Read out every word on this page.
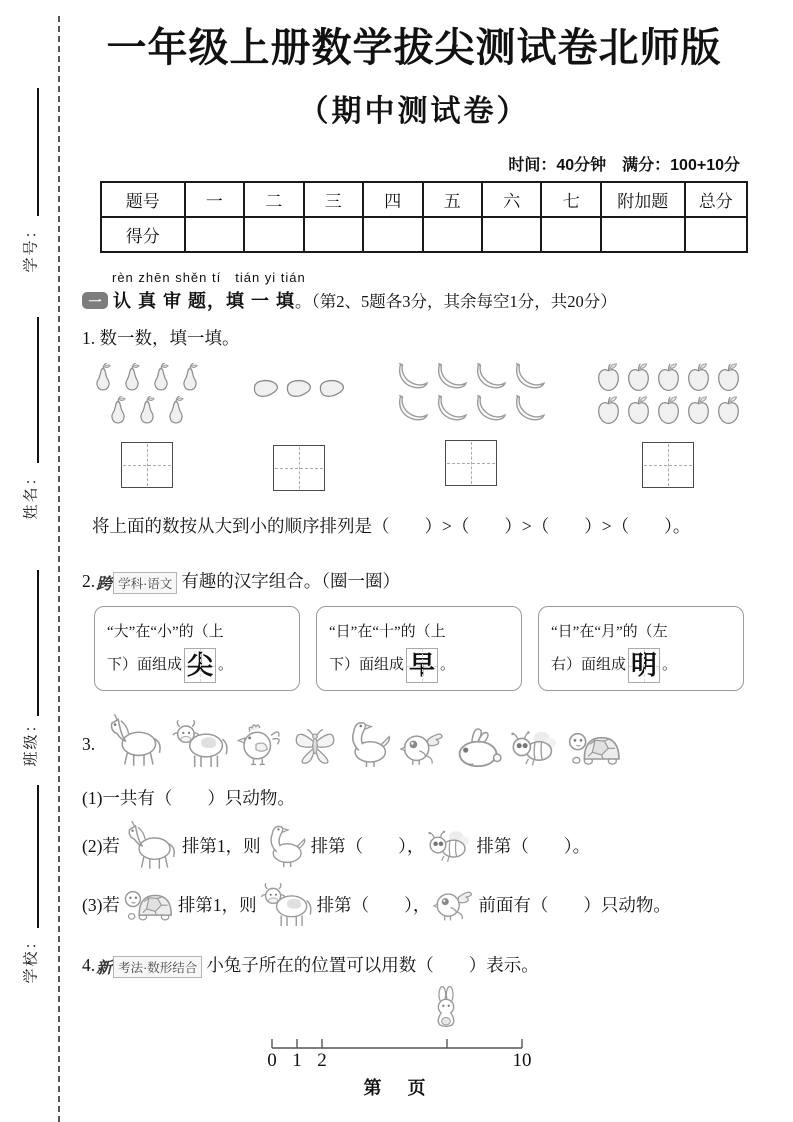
学号：
姓名：
班级：
学校：
一年级上册数学拔尖测试卷北师版
（期中测试卷）
时间：40分钟　满分：100+10分
题号	一	二	三	四	五	六	七	附加题	总分
得分									
rèn zhēn shěn tí　tián yi tián
一 认 真 审 题，填 一 填 。（第2、5题各3分，其余每空1分，共20分）
1. 数一数，填一填。
将上面的数按从大到小的顺序排列是（　　）>（　　）>（　　）>（　　）。
2. 跨 学科·语文 有趣的汉字组合。（圈一圈）
“大”在“小”的（上
下）面组成 尖 。
“日”在“十”的（上
下）面组成 早 。
“日”在“月”的（左
右）面组成 明 。
3.
(1)一共有（　　）只动物。
(2)若	排第1，则	排第（　　），	排第（　　）。
(3)若	排第1，则	排第（　　），	前面有（　　）只动物。
4. 新 考法·数形结合 小兔子所在的位置可以用数（　　）表示。
0 1 2	10
第　页
